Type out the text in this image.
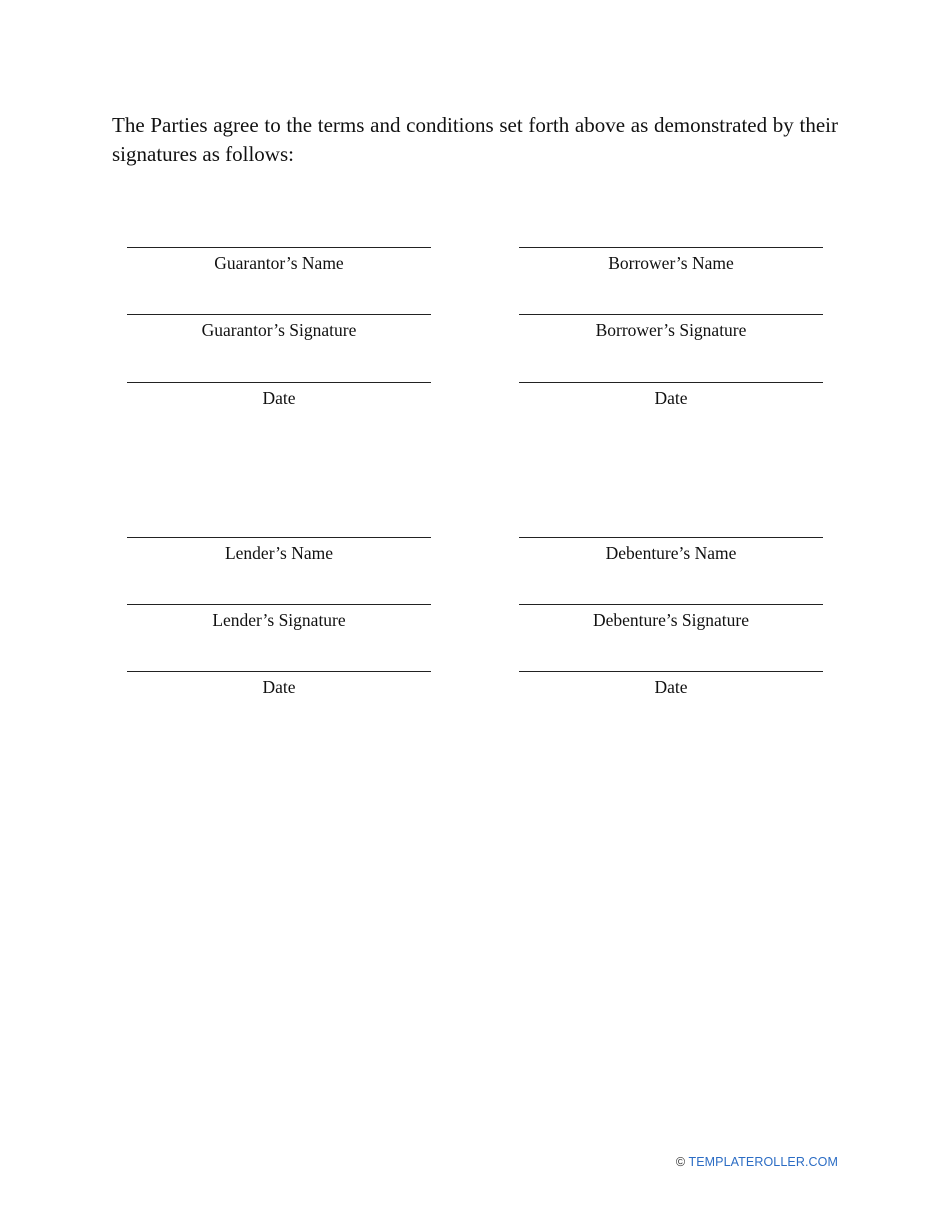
The Parties agree to the terms and conditions set forth above as demonstrated by their signatures as follows:

Guarantor’s Name
Guarantor’s Signature
Date
Borrower’s Name
Borrower’s Signature
Date
Lender’s Name
Lender’s Signature
Date
Debenture’s Name
Debenture’s Signature
Date
© TEMPLATEROLLER.COM
